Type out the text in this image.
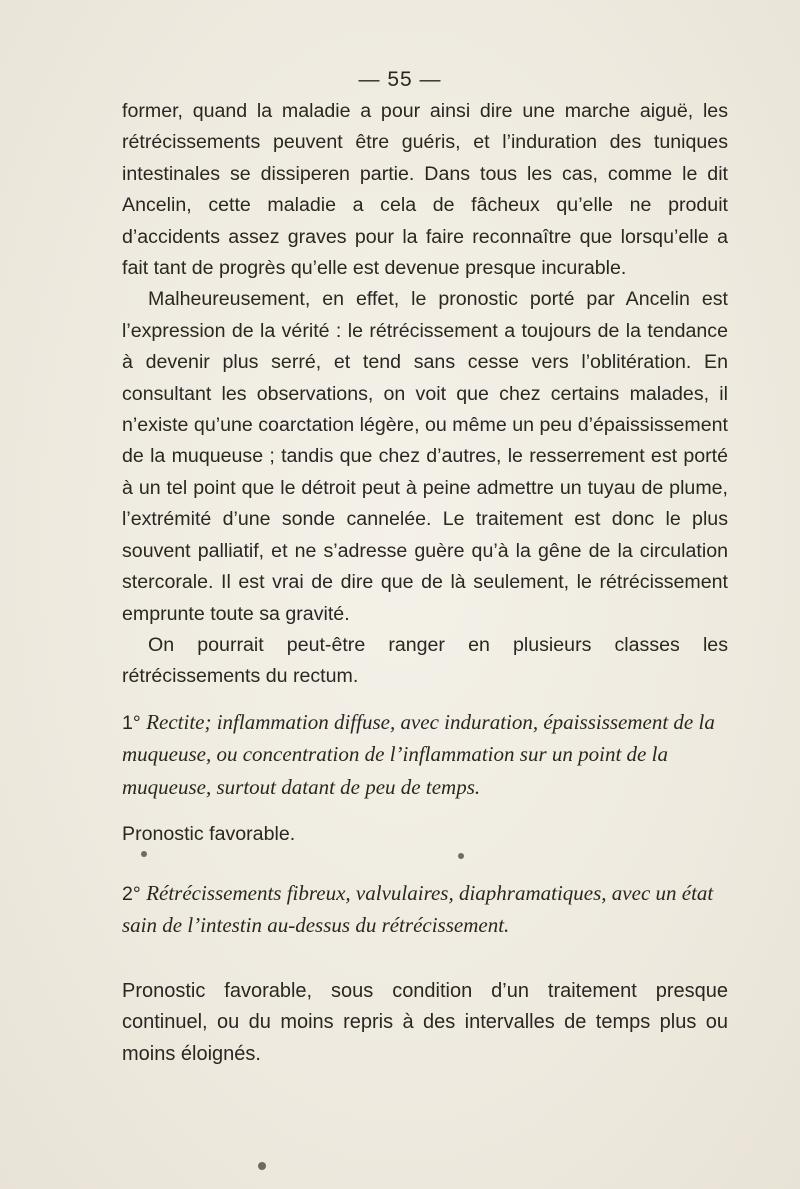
— 55 —

former, quand la maladie a pour ainsi dire une marche aiguë, les rétrécissements peuvent être guéris, et l’induration des tuniques intestinales se dissiperen partie. Dans tous les cas, comme le dit Ancelin, cette maladie a cela de fâcheux qu’elle ne produit d’accidents assez graves pour la faire reconnaître que lorsqu’elle a fait tant de progrès qu’elle est devenue presque incurable.

Malheureusement, en effet, le pronostic porté par Ancelin est l’expression de la vérité : le rétrécissement a toujours de la tendance à devenir plus serré, et tend sans cesse vers l’oblitération. En consultant les observations, on voit que chez certains malades, il n’existe qu’une coarctation légère, ou même un peu d’épaississement de la muqueuse ; tandis que chez d’autres, le resserrement est porté à un tel point que le détroit peut à peine admettre un tuyau de plume, l’extrémité d’une sonde cannelée. Le traitement est donc le plus souvent palliatif, et ne s’adresse guère qu’à la gêne de la circulation stercorale. Il est vrai de dire que de là seulement, le rétrécissement emprunte toute sa gravité.

On pourrait peut-être ranger en plusieurs classes les rétrécissements du rectum.

1° Rectite; inflammation diffuse, avec induration, épaississement de la muqueuse, ou concentration de l’inflammation sur un point de la muqueuse, surtout datant de peu de temps.
Pronostic favorable.
2° Rétrécissements fibreux, valvulaires, diaphramatiques, avec un état sain de l’intestin au-dessus du rétrécissement.

Pronostic favorable, sous condition d’un traitement presque continuel, ou du moins repris à des intervalles de temps plus ou moins éloignés.
